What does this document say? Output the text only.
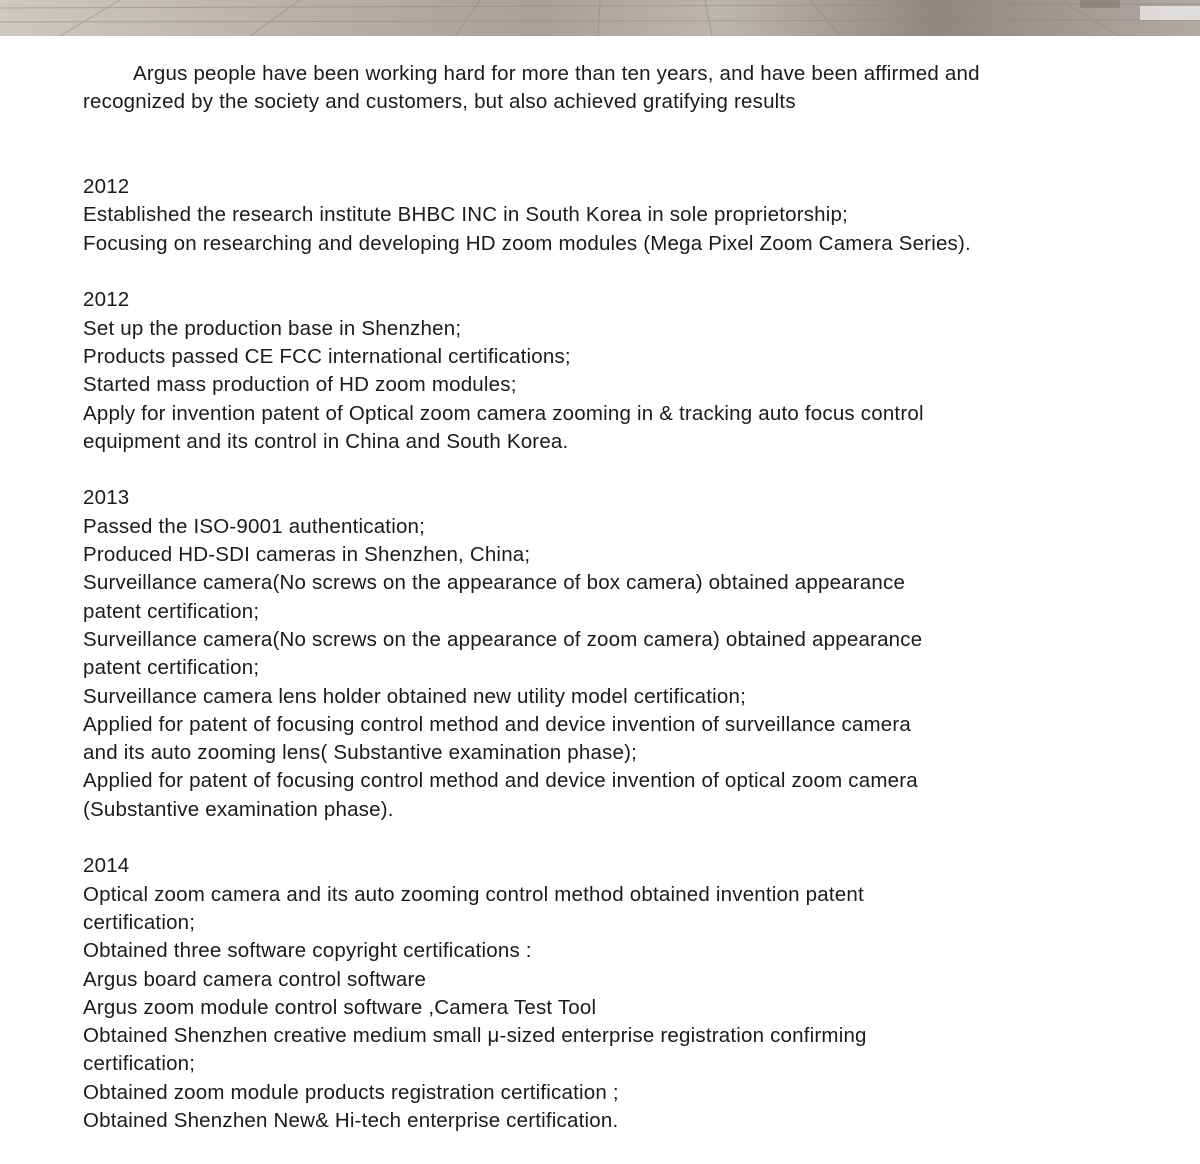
Argus people have been working hard for more than ten years, and have been affirmed and
recognized by the society and customers, but also achieved gratifying results

2012
Established the research institute BHBC INC in South Korea in sole proprietorship;
Focusing on researching and developing HD zoom modules (Mega Pixel Zoom Camera Series).
2012
Set up the production base in Shenzhen;
Products passed CE FCC international certifications;
Started mass production of HD zoom modules;
Apply for invention patent of Optical zoom camera zooming in & tracking auto focus control
equipment and its control in China and South Korea.
2013
Passed the ISO-9001 authentication;
Produced HD-SDI cameras in Shenzhen, China;
Surveillance camera(No screws on the appearance of box camera) obtained appearance
patent certification;
Surveillance camera(No screws on the appearance of zoom camera) obtained appearance
patent certification;
Surveillance camera lens holder obtained new utility model certification;
Applied for patent of focusing control method and device invention of surveillance camera
and its auto zooming lens( Substantive examination phase);
Applied for patent of focusing control method and device invention of optical zoom camera
(Substantive examination phase).
2014
Optical zoom camera and its auto zooming control method obtained invention patent
certification;
Obtained three software copyright certifications :
Argus board camera control software
Argus zoom module control software ,Camera Test Tool
Obtained Shenzhen creative medium small μ-sized enterprise registration confirming
certification;
Obtained zoom module products registration certification ;
Obtained Shenzhen New& Hi-tech enterprise certification.
